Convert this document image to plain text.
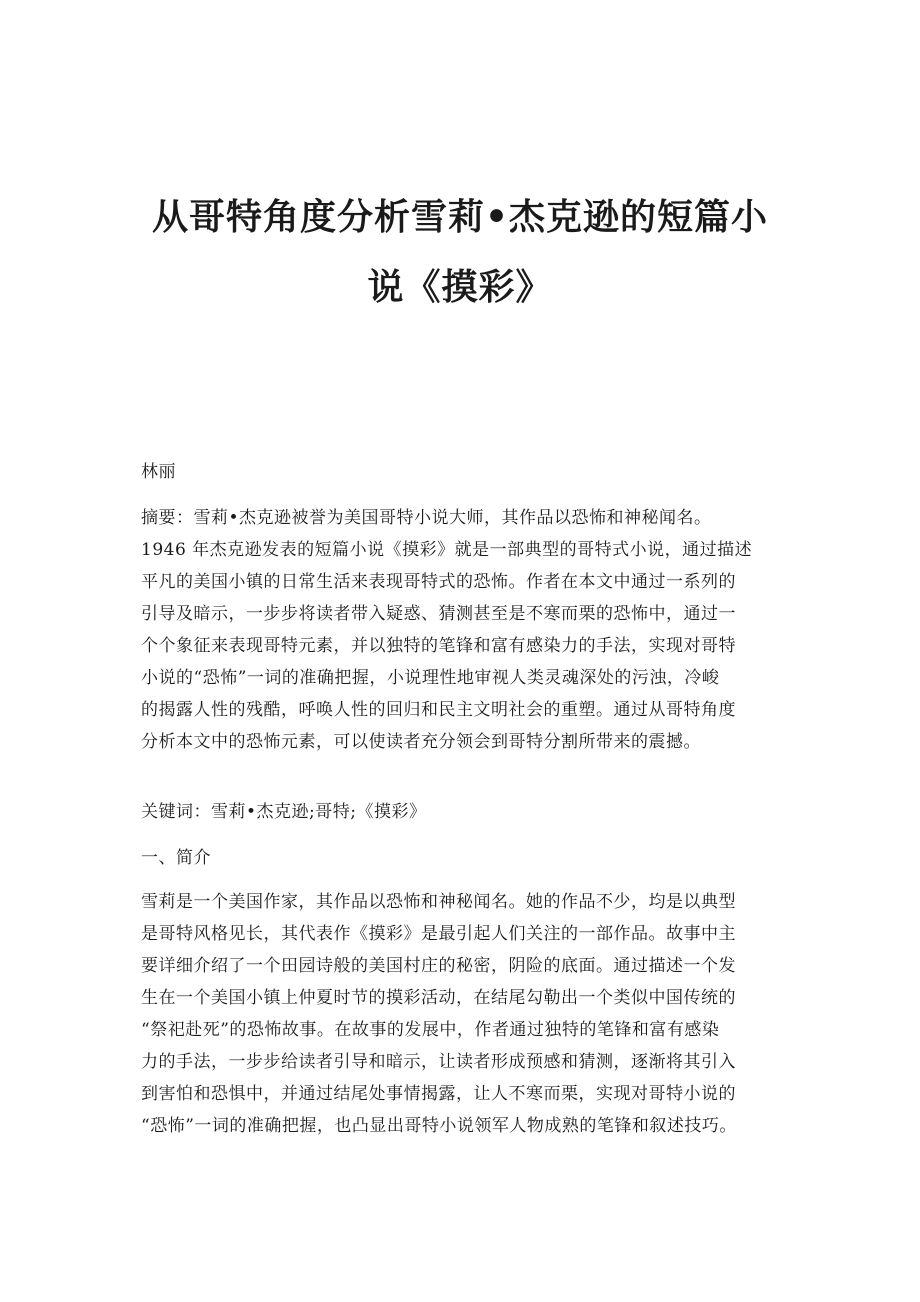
从哥特角度分析雪莉•杰克逊的短篇小
说《摸彩》

林丽

摘要：雪莉•杰克逊被誉为美国哥特小说大师，其作品以恐怖和神秘闻名。
1946 年杰克逊发表的短篇小说《摸彩》就是一部典型的哥特式小说，通过描述
平凡的美国小镇的日常生活来表现哥特式的恐怖。作者在本文中通过一系列的
引导及暗示，一步步将读者带入疑惑、猜测甚至是不寒而栗的恐怖中，通过一
个个象征来表现哥特元素，并以独特的笔锋和富有感染力的手法，实现对哥特
小说的“恐怖”一词的准确把握，小说理性地审视人类灵魂深处的污浊，冷峻
的揭露人性的残酷，呼唤人性的回归和民主文明社会的重塑。通过从哥特角度
分析本文中的恐怖元素，可以使读者充分领会到哥特分割所带来的震撼。

关键词：雪莉•杰克逊;哥特;《摸彩》

一、简介

雪莉是一个美国作家，其作品以恐怖和神秘闻名。她的作品不少，均是以典型
是哥特风格见长，其代表作《摸彩》是最引起人们关注的一部作品。故事中主
要详细介绍了一个田园诗般的美国村庄的秘密，阴险的底面。通过描述一个发
生在一个美国小镇上仲夏时节的摸彩活动，在结尾勾勒出一个类似中国传统的
“祭祀赴死”的恐怖故事。在故事的发展中，作者通过独特的笔锋和富有感染
力的手法，一步步给读者引导和暗示，让读者形成预感和猜测，逐渐将其引入
到害怕和恐惧中，并通过结尾处事情揭露，让人不寒而栗，实现对哥特小说的
“恐怖”一词的准确把握，也凸显出哥特小说领军人物成熟的笔锋和叙述技巧。
